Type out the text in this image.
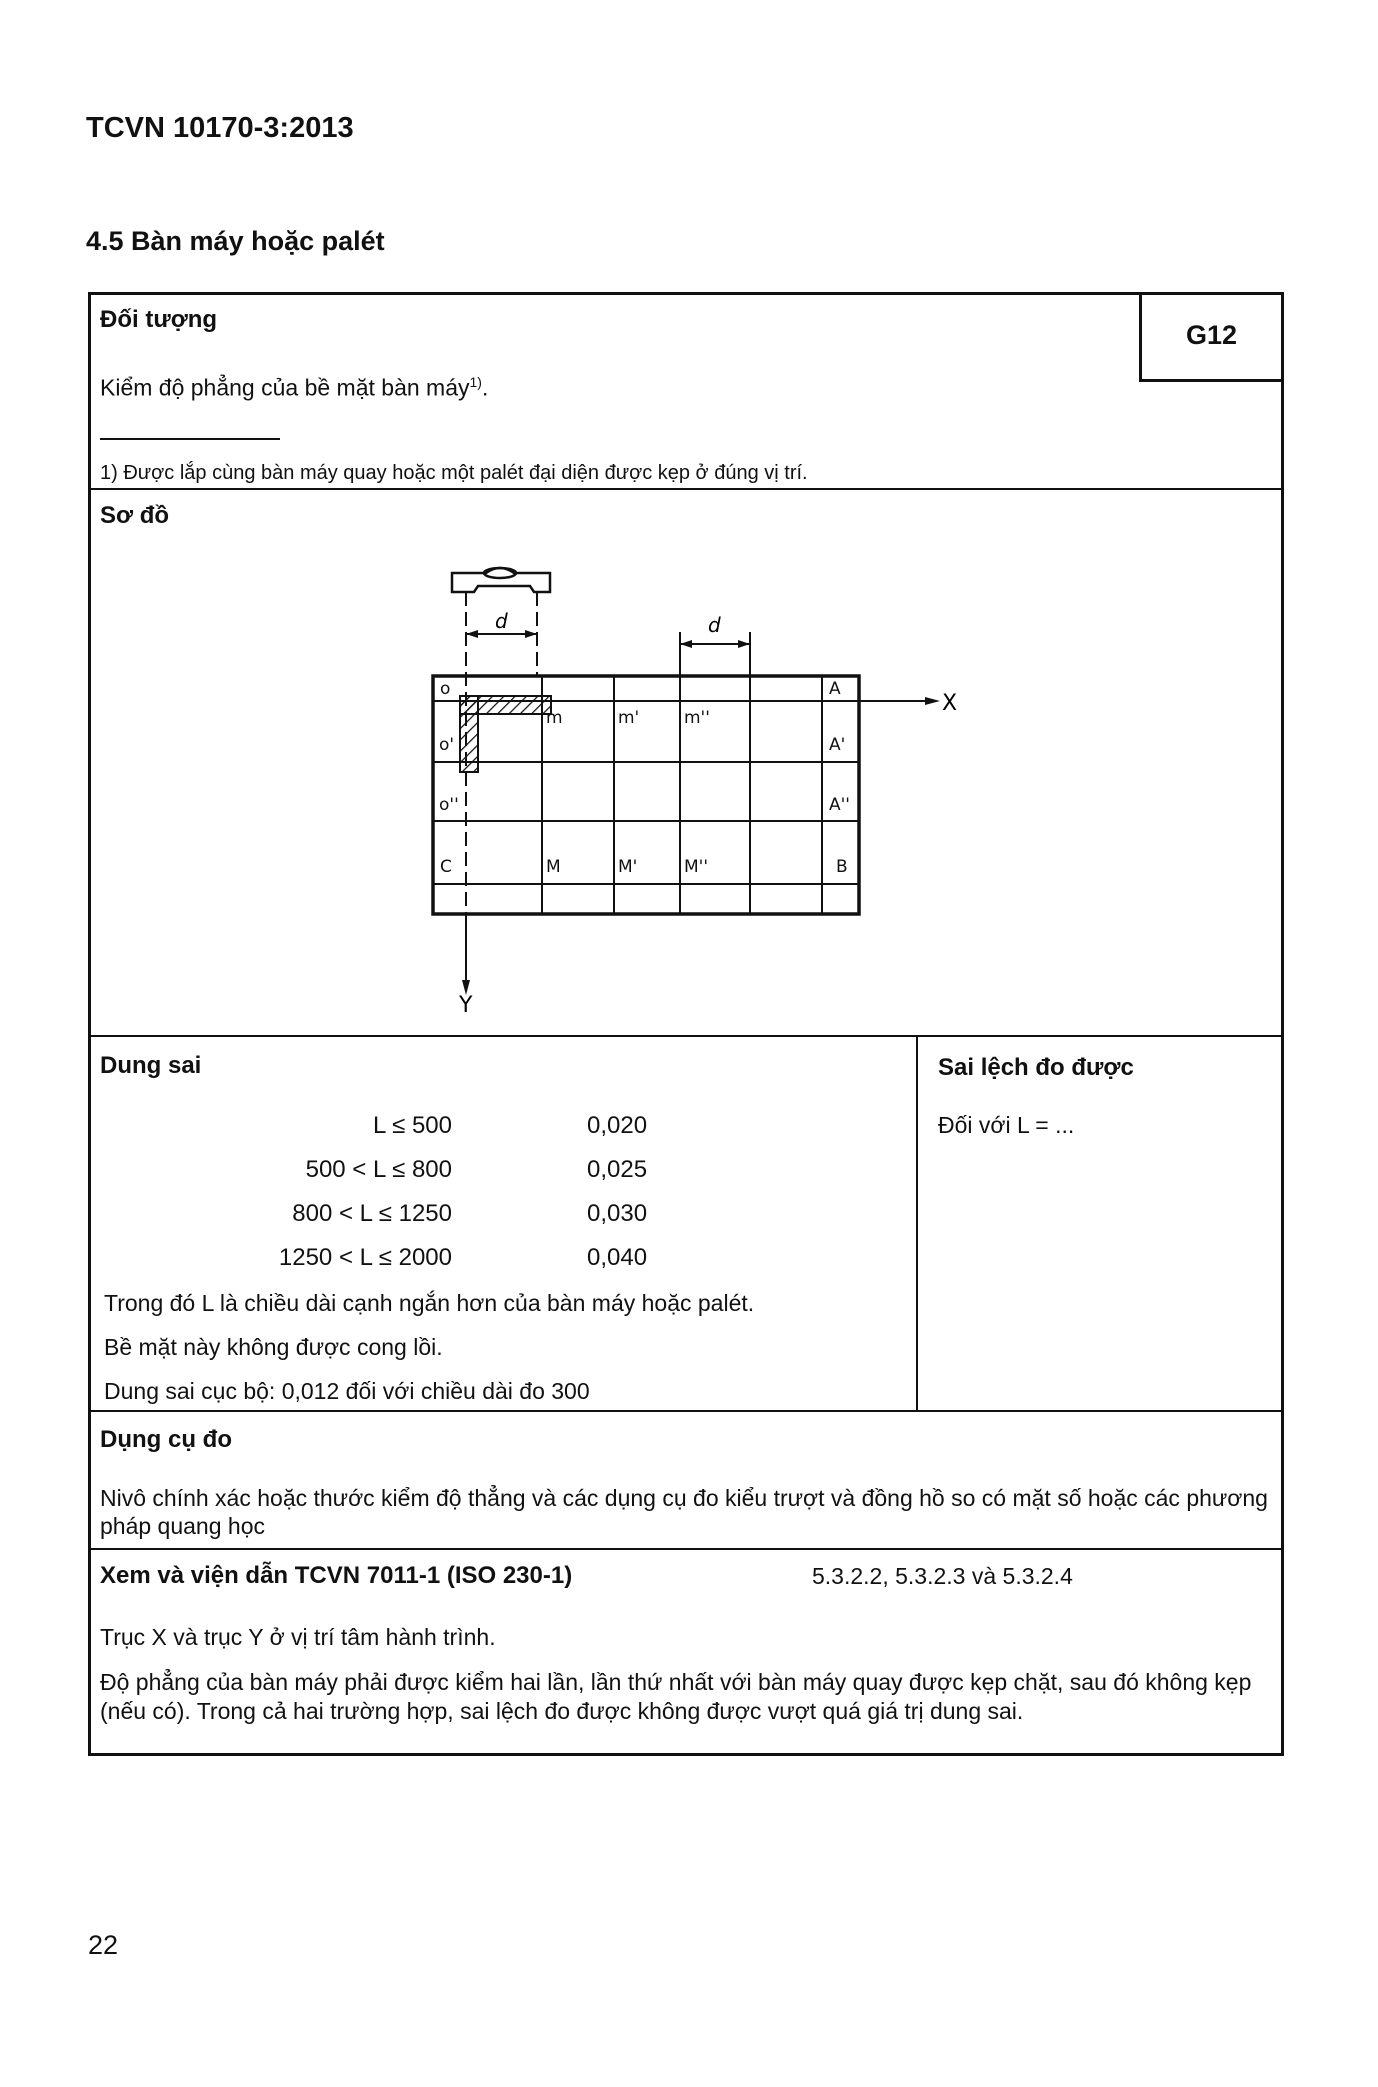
TCVN 10170-3:2013
4.5 Bàn máy hoặc palét
G12
Đối tượng
Kiểm độ phẳng của bề mặt bàn máy$^{1)}$.
1) Được lắp cùng bàn máy quay hoặc một palét đại diện được kẹp ở đúng vị trí.
Sơ đồ
d	d
X
Y
o
o'
o''
C
A
A'
A''
B
m	m'	m''
M	M'	M''
Dung sai
L ≤ 500	0,020
500 < L ≤ 800	0,025
800 < L ≤ 1250	0,030
1250 < L ≤ 2000	0,040
Trong đó L là chiều dài cạnh ngắn hơn của bàn máy hoặc palét.
Bề mặt này không được cong lồi.
Dung sai cục bộ: 0,012 đối với chiều dài đo 300
Sai lệch đo được
Đối với L = ...
Dụng cụ đo
Nivô chính xác hoặc thước kiểm độ thẳng và các dụng cụ đo kiểu trượt và đồng hồ so có mặt số hoặc các phương pháp quang học
Xem và viện dẫn TCVN 7011-1 (ISO 230-1)	5.3.2.2, 5.3.2.3 và 5.3.2.4
Trục X và trục Y ở vị trí tâm hành trình.
Độ phẳng của bàn máy phải được kiểm hai lần, lần thứ nhất với bàn máy quay được kẹp chặt, sau đó không kẹp (nếu có). Trong cả hai trường hợp, sai lệch đo được không được vượt quá giá trị dung sai.
22
